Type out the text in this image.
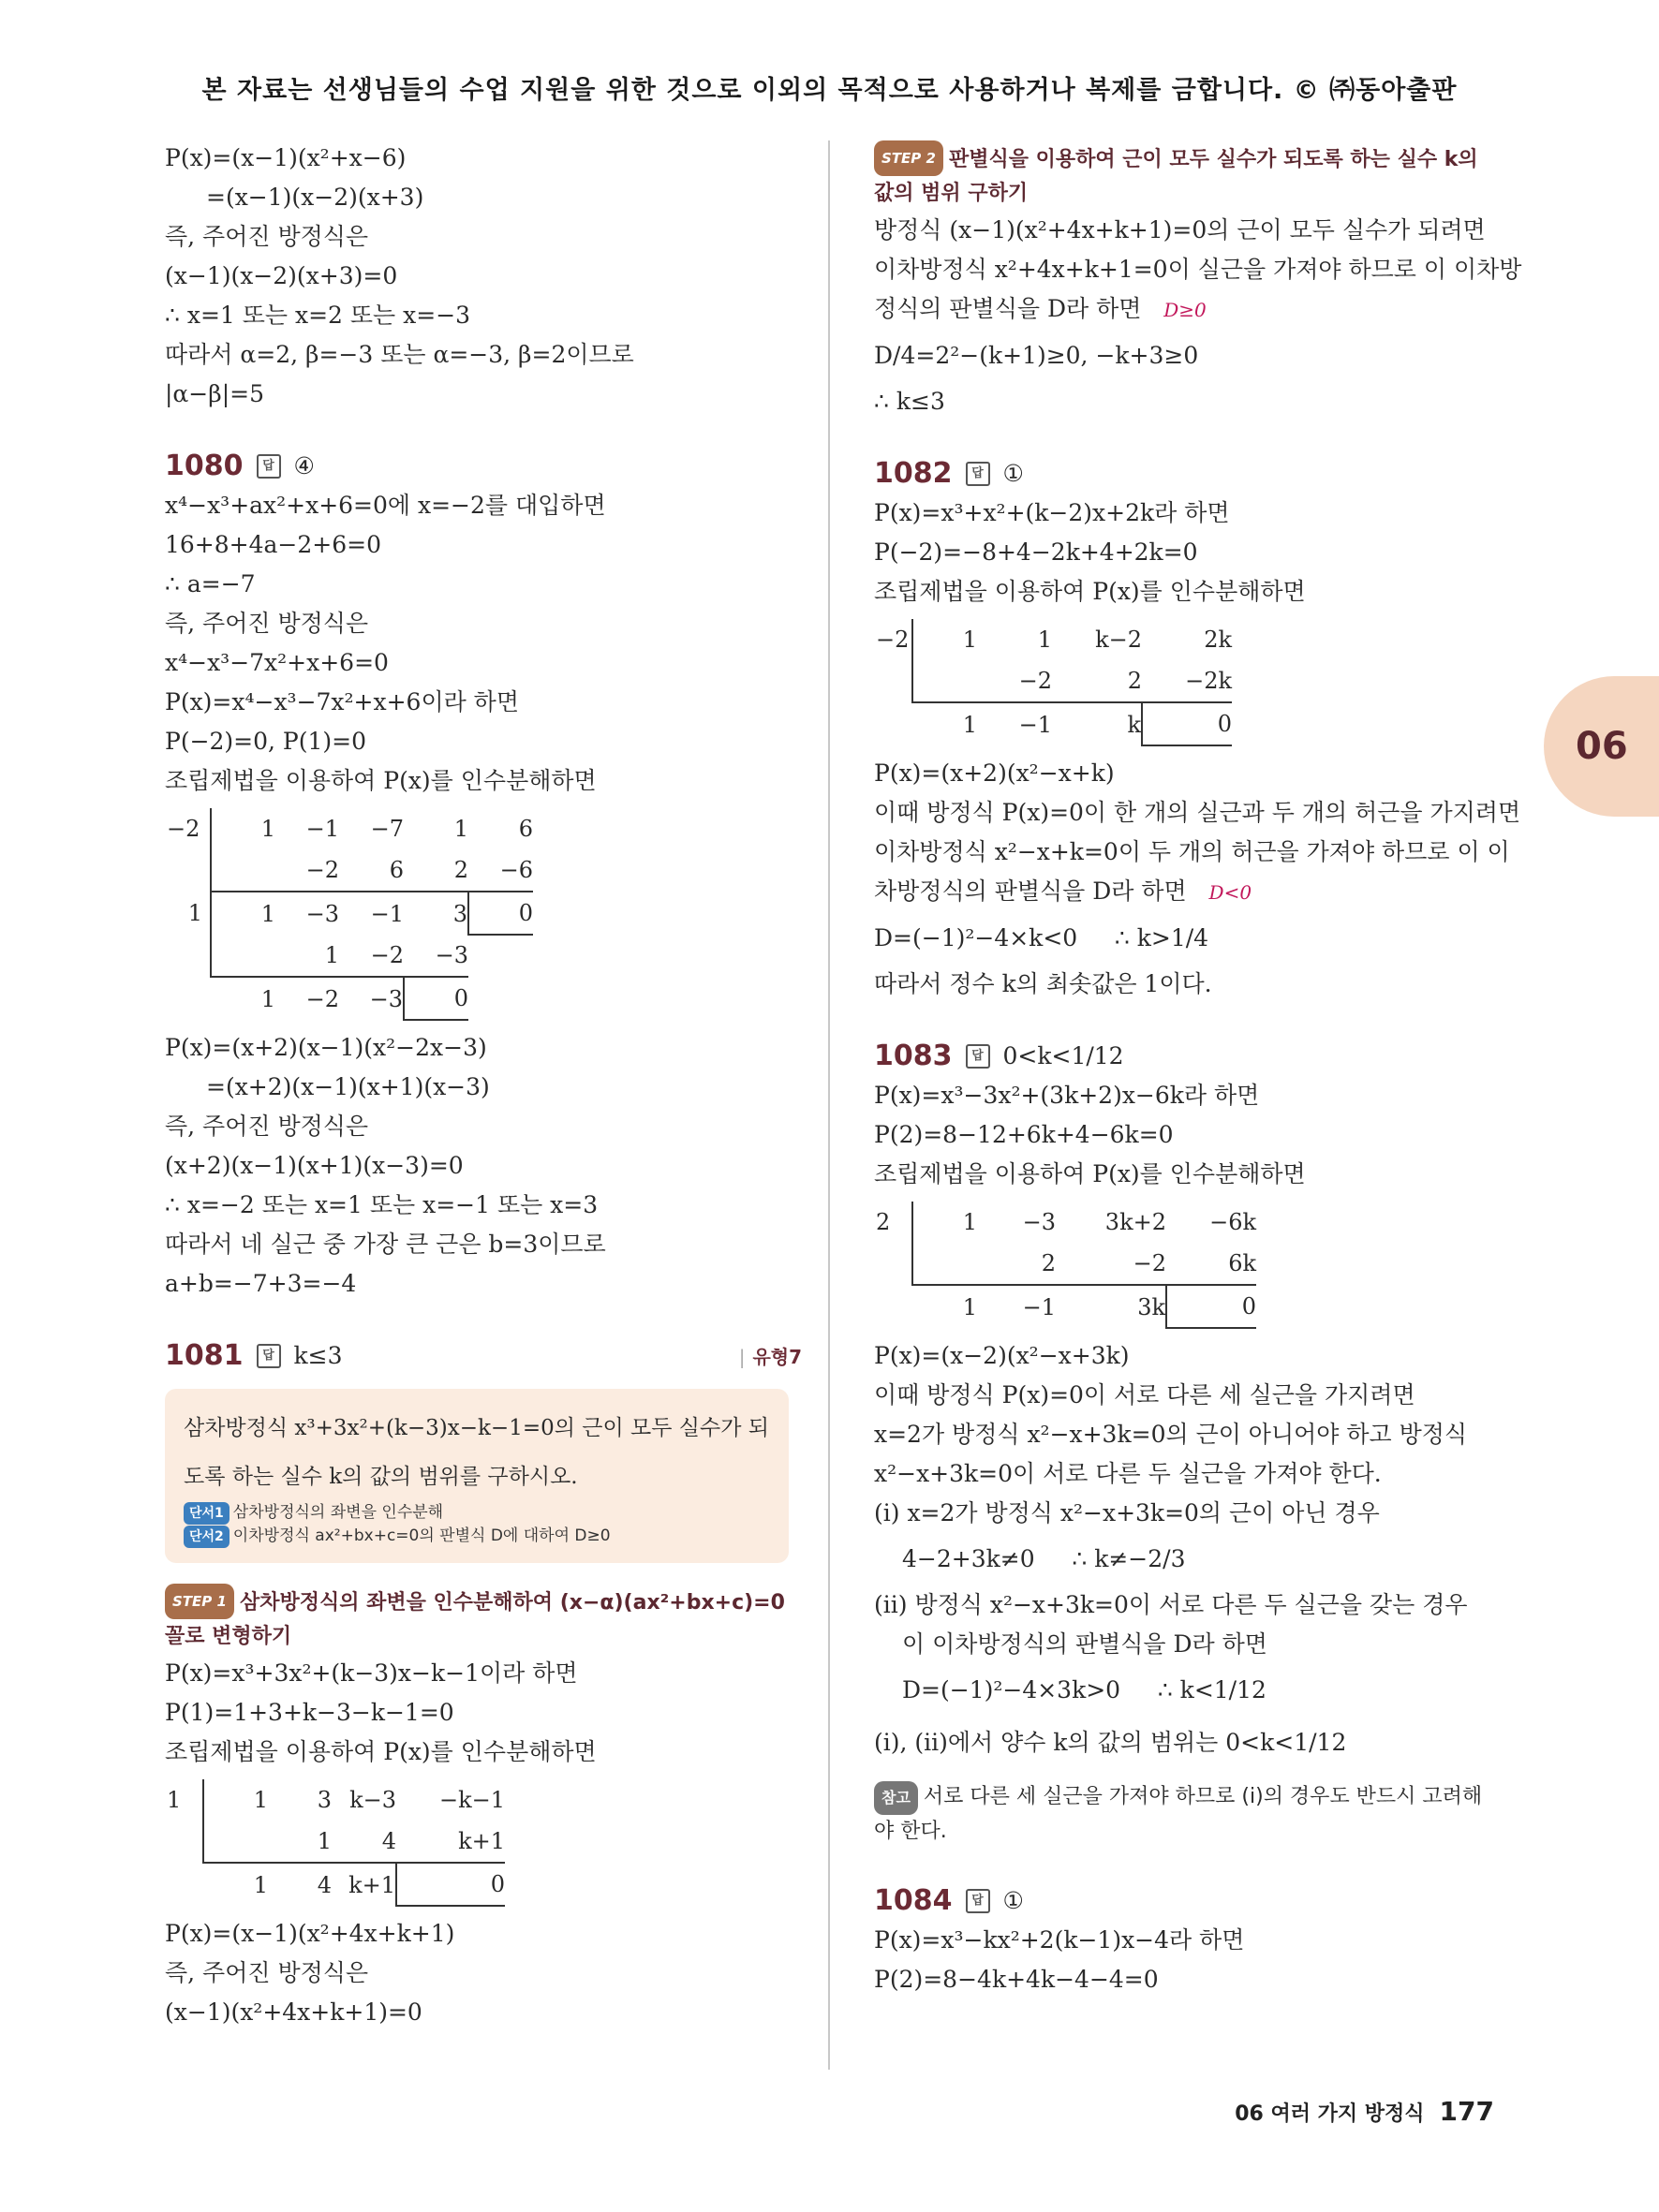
본 자료는 선생님들의 수업 지원을 위한 것으로 이외의 목적으로 사용하거나 복제를 금합니다. © ㈜동아출판
06
P(x)=(x−1)(x²+x−6)
=(x−1)(x−2)(x+3)
즉, 주어진 방정식은
(x−1)(x−2)(x+3)=0
∴ x=1 또는 x=2 또는 x=−3
따라서 α=2, β=−3 또는 α=−3, β=2이므로
|α−β|=5
1080	답 ④
x⁴−x³+ax²+x+6=0에 x=−2를 대입하면
16+8+4a−2+6=0
∴ a=−7
즉, 주어진 방정식은
x⁴−x³−7x²+x+6=0
P(x)=x⁴−x³−7x²+x+6이라 하면
P(−2)=0, P(1)=0
조립제법을 이용하여 P(x)를 인수분해하면
−2	1	−1	−7	1	6
		−2	6	2	−6
1	1	−3	−1	3	0
		1	−2	−3	
	1	−2	−3	0	
P(x)=(x+2)(x−1)(x²−2x−3)
=(x+2)(x−1)(x+1)(x−3)
즉, 주어진 방정식은
(x+2)(x−1)(x+1)(x−3)=0
∴ x=−2 또는 x=1 또는 x=−1 또는 x=3
따라서 네 실근 중 가장 큰 근은 b=3이므로
a+b=−7+3=−4
1081	답 k≤3	| 유형7
삼차방정식 x³+3x²+(k−3)x−k−1=0의 근이 모두 실수가 되도록 하는 실수 k의 값의 범위를 구하시오.
단서1 삼차방정식의 좌변을 인수분해
단서2 이차방정식 ax²+bx+c=0의 판별식 D에 대하여 D≥0
STEP 1 삼차방정식의 좌변을 인수분해하여 (x−α)(ax²+bx+c)=0 꼴로 변형하기
P(x)=x³+3x²+(k−3)x−k−1이라 하면
P(1)=1+3+k−3−k−1=0
조립제법을 이용하여 P(x)를 인수분해하면
1	1	3	k−3	−k−1
		1	4	k+1
	1	4	k+1	0
P(x)=(x−1)(x²+4x+k+1)
즉, 주어진 방정식은
(x−1)(x²+4x+k+1)=0
STEP 2 판별식을 이용하여 근이 모두 실수가 되도록 하는 실수 k의 값의 범위 구하기
방정식 (x−1)(x²+4x+k+1)=0의 근이 모두 실수가 되려면
이차방정식 x²+4x+k+1=0이 실근을 가져야 하므로 이 이차방
정식의 판별식을 D라 하면 D≥0
D/4=2²−(k+1)≥0, −k+3≥0
∴ k≤3
1082	답 ①
P(x)=x³+x²+(k−2)x+2k라 하면
P(−2)=−8+4−2k+4+2k=0
조립제법을 이용하여 P(x)를 인수분해하면
−2	1	1	k−2	2k
		−2	2	−2k
	1	−1	k	0
P(x)=(x+2)(x²−x+k)
이때 방정식 P(x)=0이 한 개의 실근과 두 개의 허근을 가지려면
이차방정식 x²−x+k=0이 두 개의 허근을 가져야 하므로 이 이
차방정식의 판별식을 D라 하면 D<0
D=(−1)²−4×k<0     ∴ k>1/4
따라서 정수 k의 최솟값은 1이다.
1083	답 0<k<1/12
P(x)=x³−3x²+(3k+2)x−6k라 하면
P(2)=8−12+6k+4−6k=0
조립제법을 이용하여 P(x)를 인수분해하면
2	1	−3	3k+2	−6k
		2	−2	6k
	1	−1	3k	0
P(x)=(x−2)(x²−x+3k)
이때 방정식 P(x)=0이 서로 다른 세 실근을 가지려면
x=2가 방정식 x²−x+3k=0의 근이 아니어야 하고 방정식
x²−x+3k=0이 서로 다른 두 실근을 가져야 한다.
(i) x=2가 방정식 x²−x+3k=0의 근이 아닌 경우
4−2+3k≠0     ∴ k≠−2/3
(ii) 방정식 x²−x+3k=0이 서로 다른 두 실근을 갖는 경우
이 이차방정식의 판별식을 D라 하면
D=(−1)²−4×3k>0     ∴ k<1/12
(i), (ii)에서 양수 k의 값의 범위는 0<k<1/12
참고 서로 다른 세 실근을 가져야 하므로 (i)의 경우도 반드시 고려해야 한다.
1084	답 ①
P(x)=x³−kx²+2(k−1)x−4라 하면
P(2)=8−4k+4k−4−4=0
06 여러 가지 방정식 177
